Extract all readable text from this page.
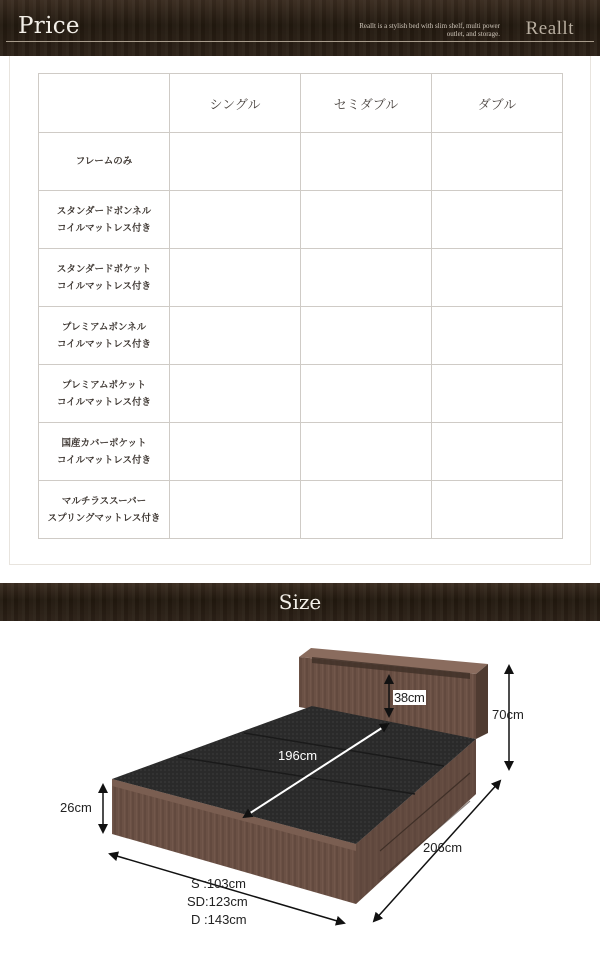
Price	Reallt is a stylish bed with slim shelf, multi power outlet, and storage. Reallt
	シングル	セミダブル	ダブル
フレームのみ			
スタンダードボンネル
コイルマットレス付き			
スタンダードポケット
コイルマットレス付き			
プレミアムボンネル
コイルマットレス付き			
プレミアムポケット
コイルマットレス付き			
国産カバーポケット
コイルマットレス付き			
マルチラススーパー
スプリングマットレス付き			
Size
38cm
70cm
196cm
26cm
206cm
S :103cm
SD:123cm
D :143cm
